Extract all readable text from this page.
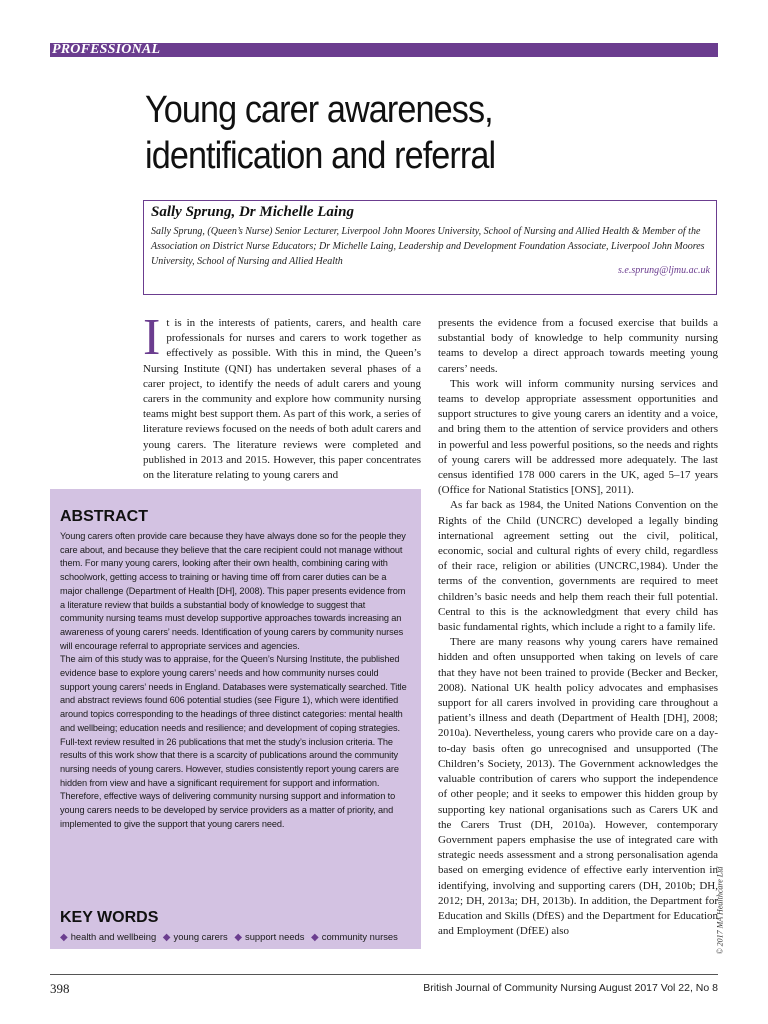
PROFESSIONAL
Young carer awareness,
identification and referral
Sally Sprung, Dr Michelle Laing
Sally Sprung, (Queen’s Nurse) Senior Lecturer, Liverpool John Moores University, School of Nursing and Allied Health & Member of the Association on District Nurse Educators; Dr Michelle Laing, Leadership and Development Foundation Associate, Liverpool John Moores University, School of Nursing and Allied Health
s.e.sprung@ljmu.ac.uk
It is in the interests of patients, carers, and health care professionals for nurses and carers to work together as effectively as possible. With this in mind, the Queen’s Nursing Institute (QNI) has undertaken several phases of a carer project, to identify the needs of adult carers and young carers in the community and explore how community nursing teams might best support them. As part of this work, a series of literature reviews focused on the needs of both adult carers and young carers. The literature reviews were completed and published in 2013 and 2015. However, this paper concentrates on the literature relating to young carers and
ABSTRACT

Young carers often provide care because they have always done so for the people they care about, and because they believe that the care recipient could not manage without them. For many young carers, looking after their own health, combining caring with schoolwork, getting access to training or having time off from carer duties can be a major challenge (Department of Health [DH], 2008). This paper presents evidence from a literature review that builds a substantial body of knowledge to suggest that community nursing teams must develop supportive approaches towards increasing an awareness of young carers’ needs. Identification of young carers by community nurses will encourage referral to appropriate services and agencies.

The aim of this study was to appraise, for the Queen’s Nursing Institute, the published evidence base to explore young carers’ needs and how community nurses could support young carers’ needs in England. Databases were systematically searched. Title and abstract reviews found 606 potential studies (see Figure 1), which were identified around topics corresponding to the headings of three distinct categories: mental health and wellbeing; education needs and resilience; and development of coping strategies. Full-text review resulted in 26 publications that met the study’s inclusion criteria. The results of this work show that there is a scarcity of publications around the community nursing needs of young carers. However, studies consistently report young carers are hidden from view and have a significant requirement for support and information. Therefore, effective ways of delivering community nursing support and information to young carers needs to be developed by service providers as a matter of priority, and implemented to give the support that young carers need.

KEY WORDS
◆ health and wellbeing ◆ young carers ◆ support needs ◆ community nurses

presents the evidence from a focused exercise that builds a substantial body of knowledge to help community nursing teams to develop a direct approach towards meeting young carers’ needs.

This work will inform community nursing services and teams to develop appropriate assessment opportunities and support structures to give young carers an identity and a voice, and bring them to the attention of service providers and others in powerful and less powerful positions, so the needs and rights of young carers will be addressed more adequately. The last census identified 178 000 carers in the UK, aged 5–17 years (Office for National Statistics [ONS], 2011).

As far back as 1984, the United Nations Convention on the Rights of the Child (UNCRC) developed a legally binding international agreement setting out the civil, political, economic, social and cultural rights of every child, regardless of their race, religion or abilities (UNCRC,1984). Under the terms of the convention, governments are required to meet children’s basic needs and help them reach their full potential. Central to this is the acknowledgment that every child has basic fundamental rights, which include a right to a family life.

There are many reasons why young carers have remained hidden and often unsupported when taking on levels of care that they have not been trained to provide (Becker and Becker, 2008). National UK health policy advocates and emphasises support for all carers involved in providing care throughout a patient’s illness and death (Department of Health [DH], 2008; 2010a). Nevertheless, young carers who provide care on a day-to-day basis often go unrecognised and unsupported (The Children’s Society, 2013). The Government acknowledges the valuable contribution of carers who support the independence of other people; and it seeks to empower this hidden group by supporting key national organisations such as Carers UK and the Carers Trust (DH, 2010a). However, contemporary Government papers emphasise the use of integrated care with strategic needs assessment and a strong personalisation agenda based on emerging evidence of effective early intervention in identifying, involving and supporting carers (DH, 2010b; DH, 2012; DH, 2013a; DH, 2013b). In addition, the Department for Education and Skills (DfES) and the Department for Education and Employment (DfEE) also	© 2017 MA Healthcare Ltd
398	British Journal of Community Nursing August 2017 Vol 22, No 8
